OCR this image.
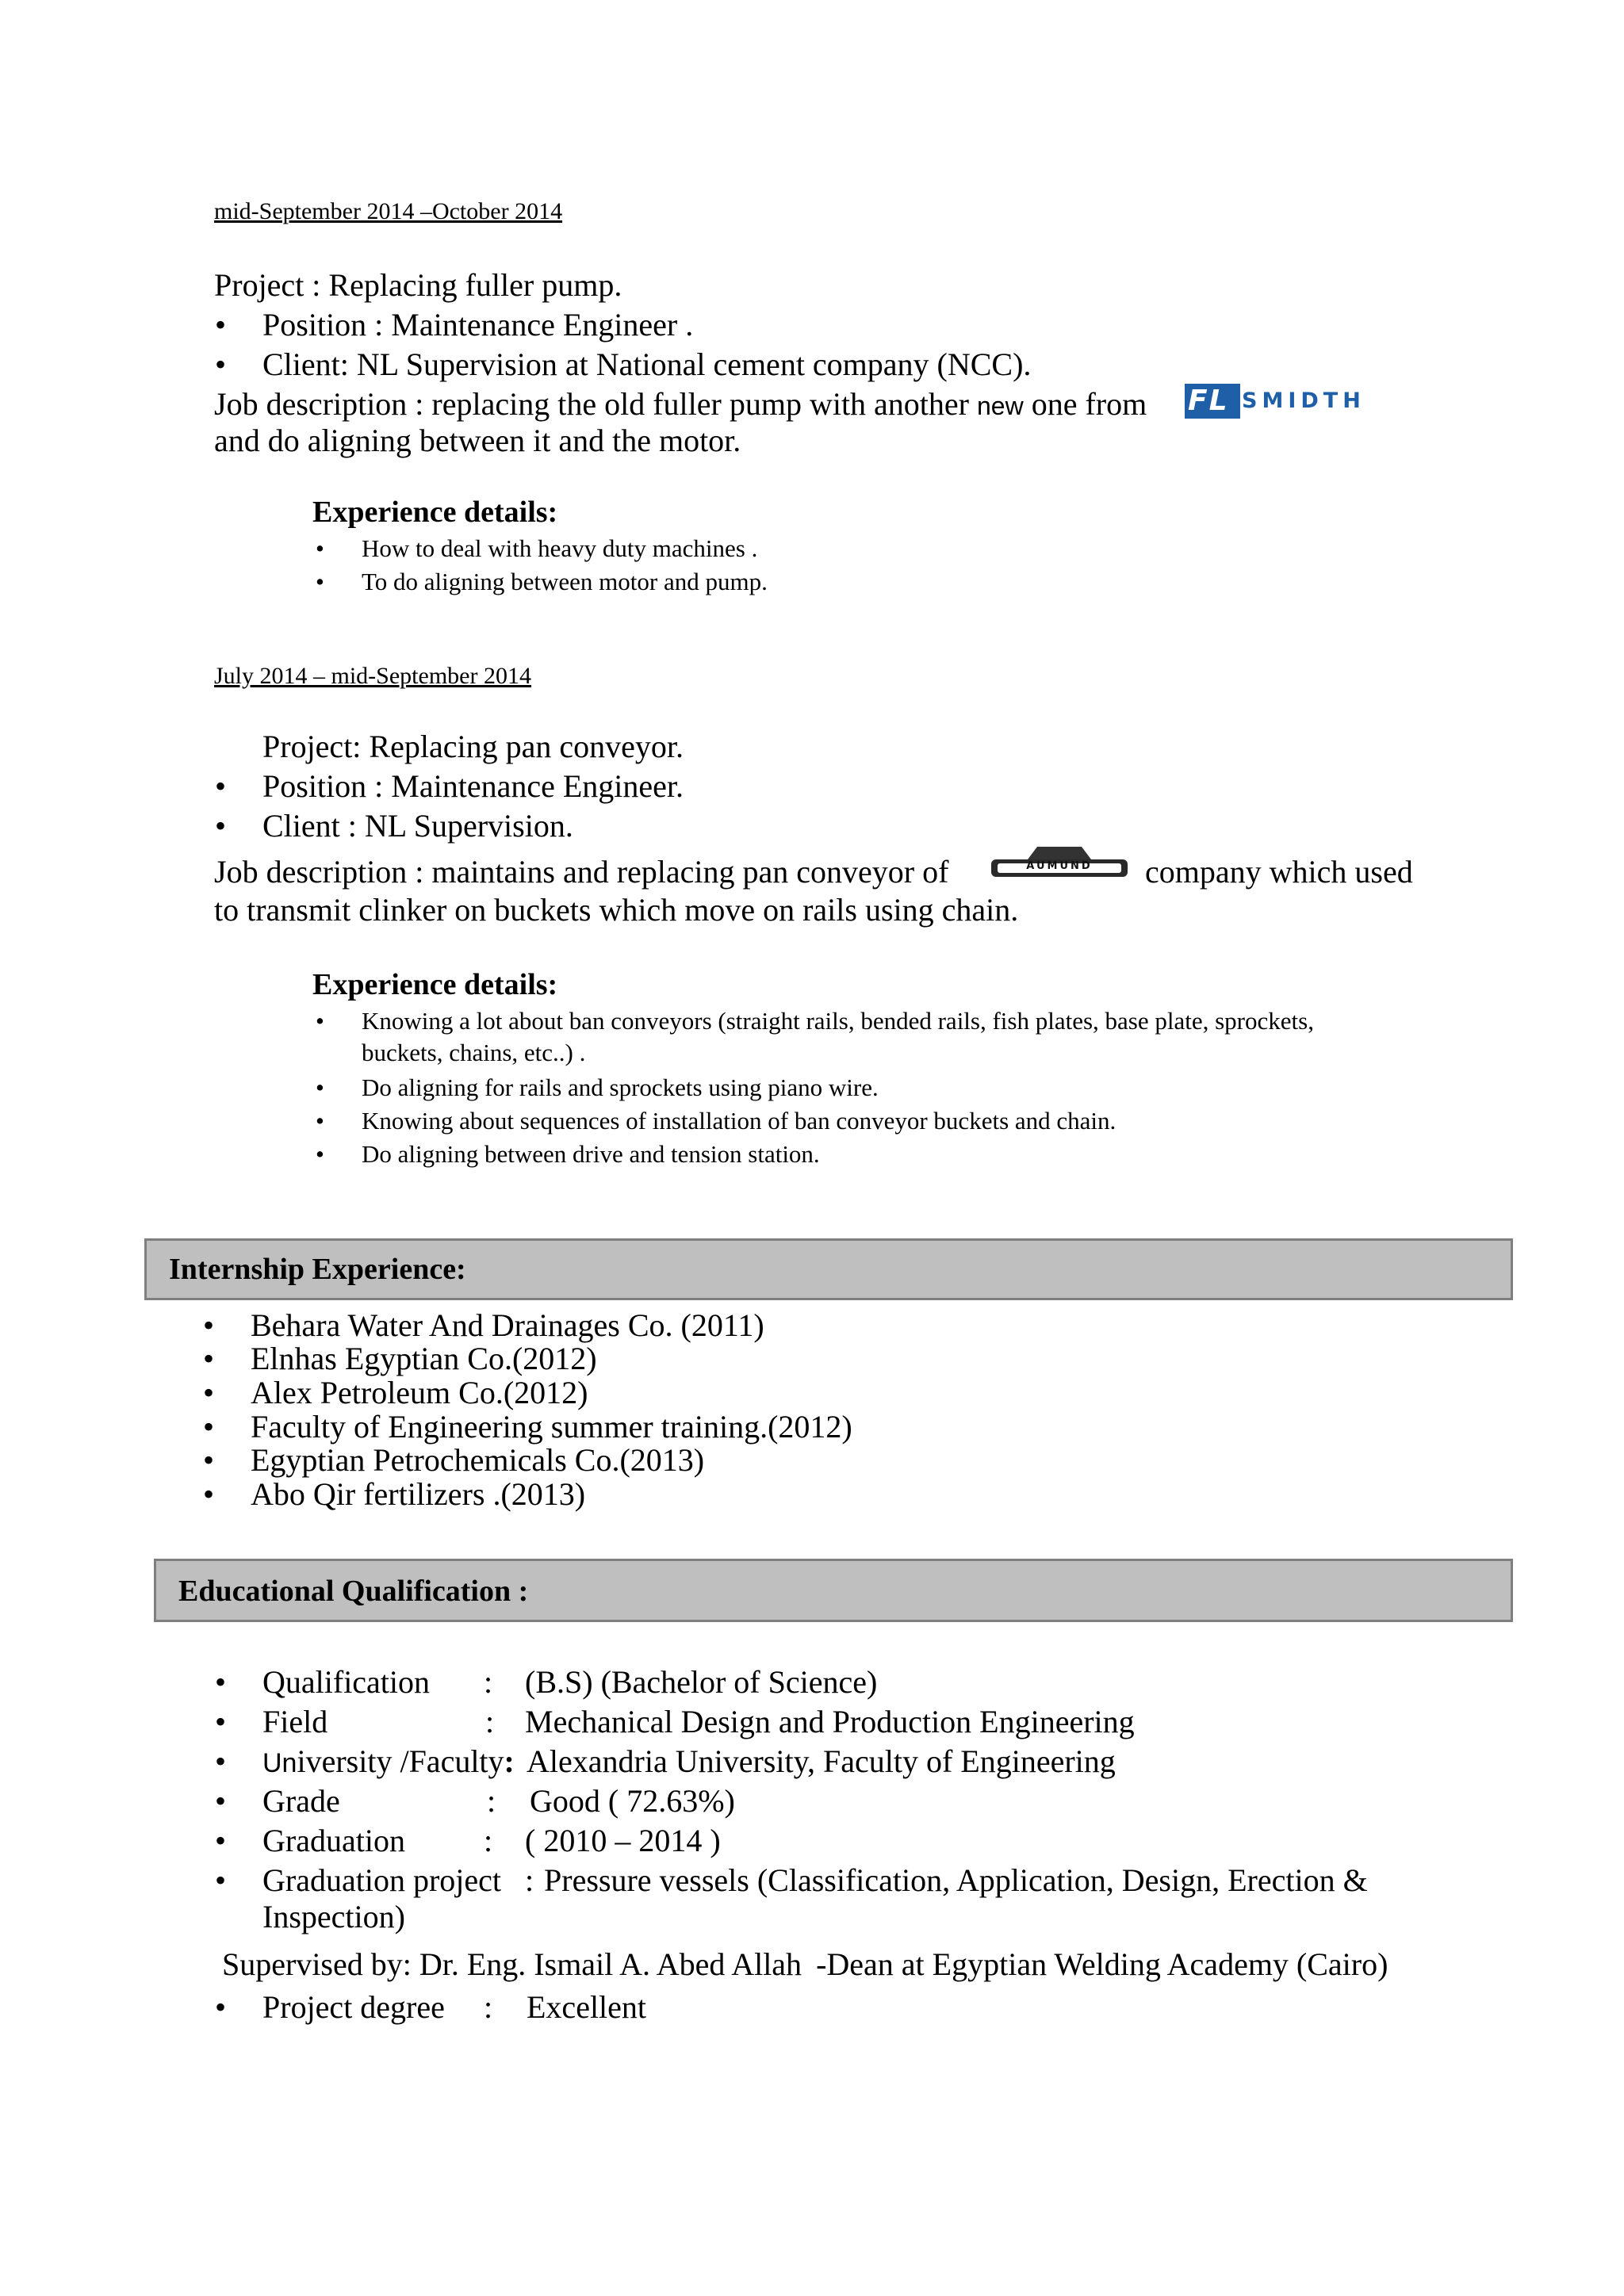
mid-September 2014 –October 2014
Project : Replacing fuller pump.
• Position : Maintenance Engineer .
• Client: NL Supervision at National cement company (NCC).
Job description : replacing the old fuller pump with another new one from FL SMIDTH
and do aligning between it and the motor.
Experience details:
• How to deal with heavy duty machines .
• To do aligning between motor and pump.
July 2014 – mid-September 2014
Project: Replacing pan conveyor.
• Position : Maintenance Engineer.
• Client : NL Supervision.
Job description : maintains and replacing pan conveyor of	AUMUND	company which used
to transmit clinker on buckets which move on rails using chain.
Experience details:
• Knowing a lot about ban conveyors (straight rails, bended rails, fish plates, base plate, sprockets,
buckets, chains, etc..) .
• Do aligning for rails and sprockets using piano wire.
• Knowing about sequences of installation of ban conveyor buckets and chain.
• Do aligning between drive and tension station.
Internship Experience:
• Behara Water And Drainages Co. (2011)
• Elnhas Egyptian Co.(2012)
• Alex Petroleum Co.(2012)
• Faculty of Engineering summer training.(2012)
• Egyptian Petrochemicals Co.(2013)
• Abo Qir fertilizers .(2013)
Educational Qualification :
• Qualification : (B.S) (Bachelor of Science)
• Field	: Mechanical Design and Production Engineering
• University /Faculty: Alexandria University, Faculty of Engineering
• Grade	: Good ( 72.63%)
• Graduation : ( 2010 – 2014 )
• Graduation project : Pressure vessels (Classification, Application, Design, Erection &
Inspection)
Supervised by: Dr. Eng. Ismail A. Abed Allah -Dean at Egyptian Welding Academy (Cairo)
• Project degree : Excellent
